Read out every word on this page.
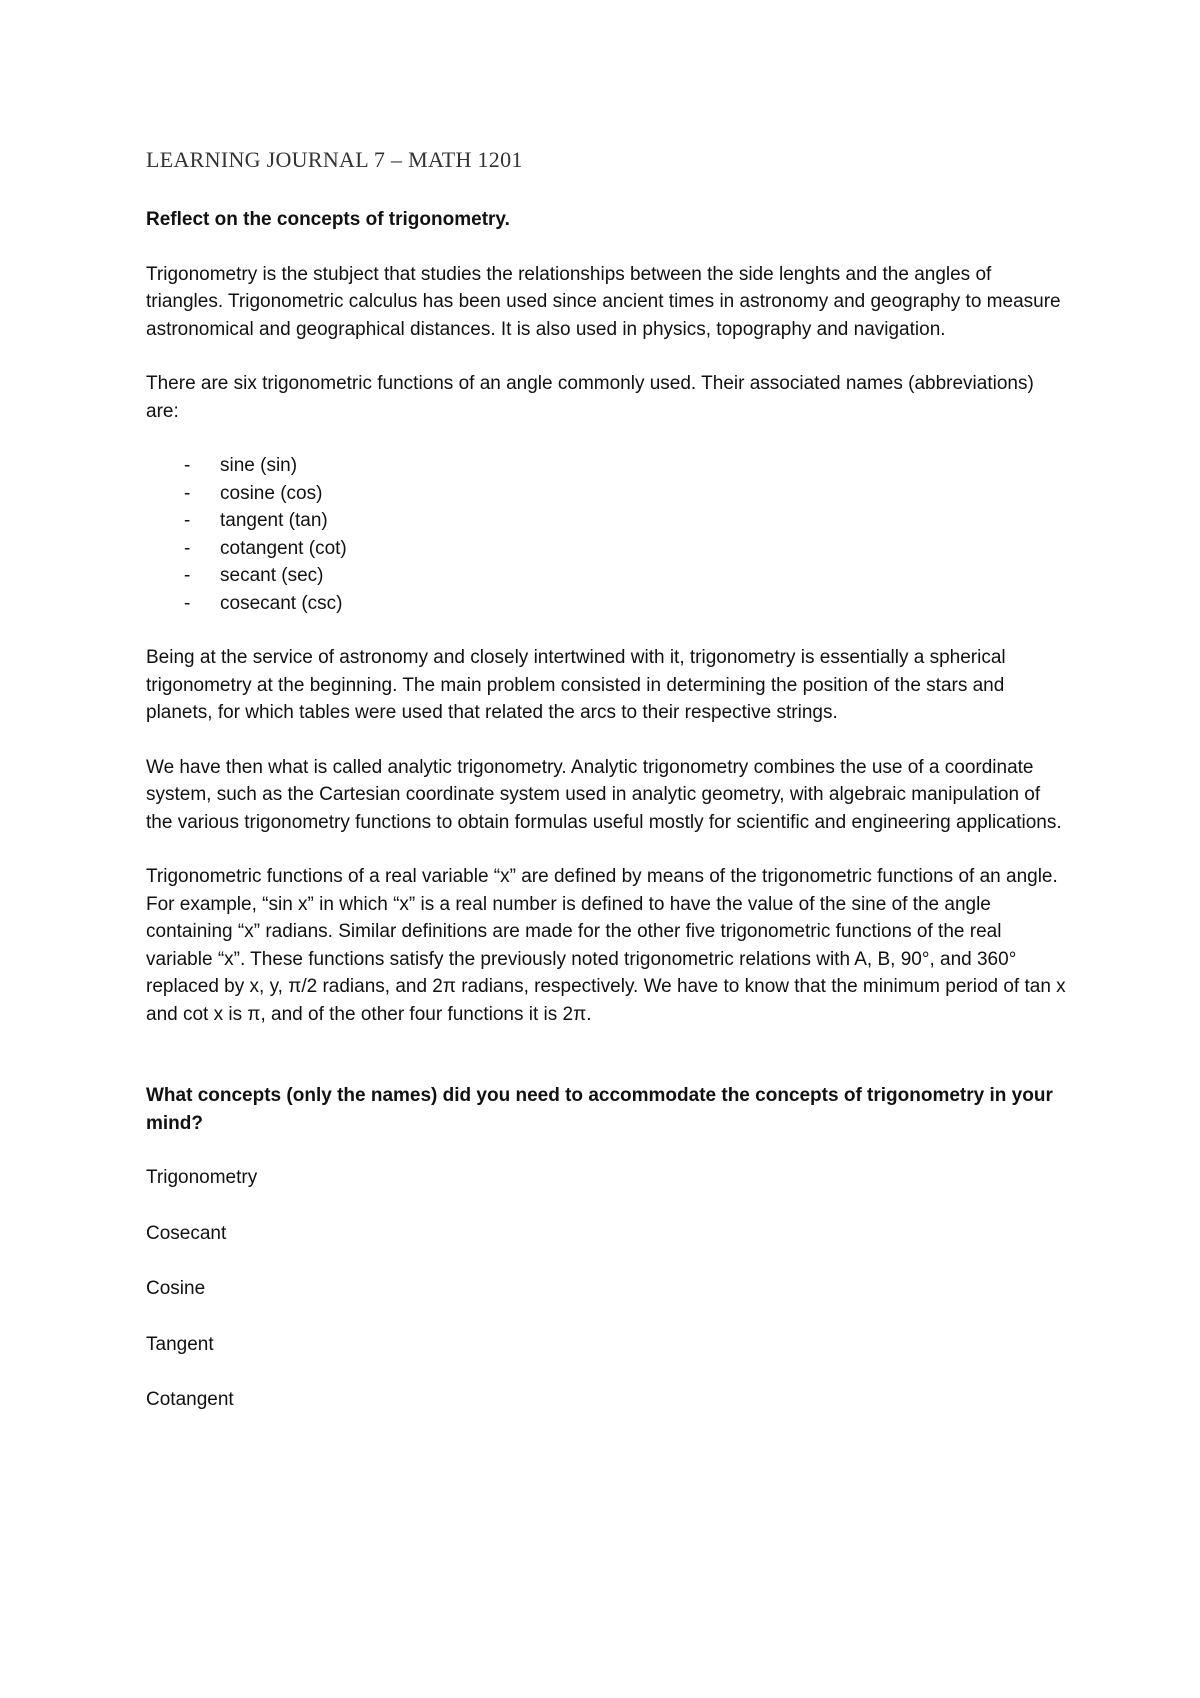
LEARNING JOURNAL 7 – MATH 1201
Reflect on the concepts of trigonometry.

Trigonometry is the stubject that studies the relationships between the side lenghts and the angles of triangles. Trigonometric calculus has been used since ancient times in astronomy and geography to measure astronomical and geographical distances. It is also used in physics, topography and navigation.

There are six trigonometric functions of an angle commonly used. Their associated names (abbreviations) are:

- sine (sin)
- cosine (cos)
- tangent (tan)
- cotangent (cot)
- secant (sec)
- cosecant (csc)

Being at the service of astronomy and closely intertwined with it, trigonometry is essentially a spherical trigonometry at the beginning. The main problem consisted in determining the position of the stars and planets, for which tables were used that related the arcs to their respective strings.

We have then what is called analytic trigonometry. Analytic trigonometry combines the use of a coordinate system, such as the Cartesian coordinate system used in analytic geometry, with algebraic manipulation of the various trigonometry functions to obtain formulas useful mostly for scientific and engineering applications.

Trigonometric functions of a real variable “x” are defined by means of the trigonometric functions of an angle. For example, “sin x” in which “x” is a real number is defined to have the value of the sine of the angle containing “x” radians. Similar definitions are made for the other five trigonometric functions of the real variable “x”. These functions satisfy the previously noted trigonometric relations with A, B, 90°, and 360° replaced by x, y, π/2 radians, and 2π radians, respectively. We have to know that the minimum period of tan x and cot x is π, and of the other four functions it is 2π.

What concepts (only the names) did you need to accommodate the concepts of trigonometry in your mind?
Trigonometry
Cosecant
Cosine
Tangent
Cotangent
